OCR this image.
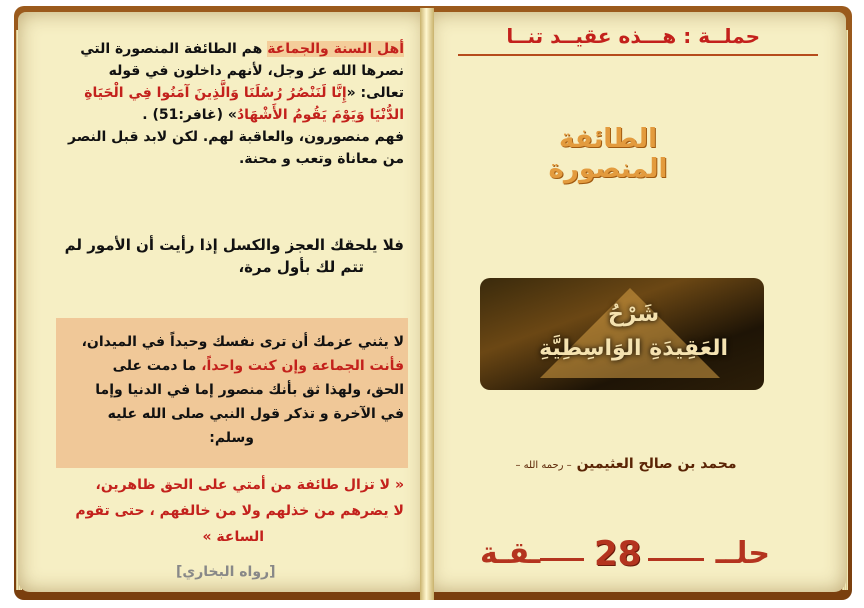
أهل السنة والجماعة هم الطائفة المنصورة التي
نصرها الله عز وجل، لأنهم داخلون في قوله
تعالى: «إِنَّا لَنَنْصُرُ رُسُلَنَا وَالَّذِينَ آمَنُوا فِي الْحَيَاةِ
الدُّنْيَا وَيَوْمَ يَقُومُ الأَشْهَادُ» (غافر:51) .
فهم منصورون، والعاقبة لهم. لكن لابد قبل النصر
من معاناة وتعب و محنة.
فلا يلحقك العجز والكسل إذا رأيت أن الأمور لم
تتم لك بأول مرة،
لا يثني عزمك أن ترى نفسك وحيداً في الميدان،
فأنت الجماعة وإن كنت واحداً، ما دمت على
الحق، ولهذا ثق بأنك منصور إما في الدنيا وإما
في الآخرة و تذكر قول النبي صلى الله عليه
وسلم:
« لا تزال طائفة من أمتي على الحق ظاهرين،
لا يضرهم من خذلهم ولا من خالفهم ، حتى تقوم
الساعة »
[رواه البخاري]
حملــة : هـــذه عقيــد تنــا
الطائفة المنصورة
شَرْحُ
العَقِيدَةِ الوَاسِطِيَّةِ
محمد بن صالح العثيمين – رحمه الله –
حلــ
28
ـقـة
